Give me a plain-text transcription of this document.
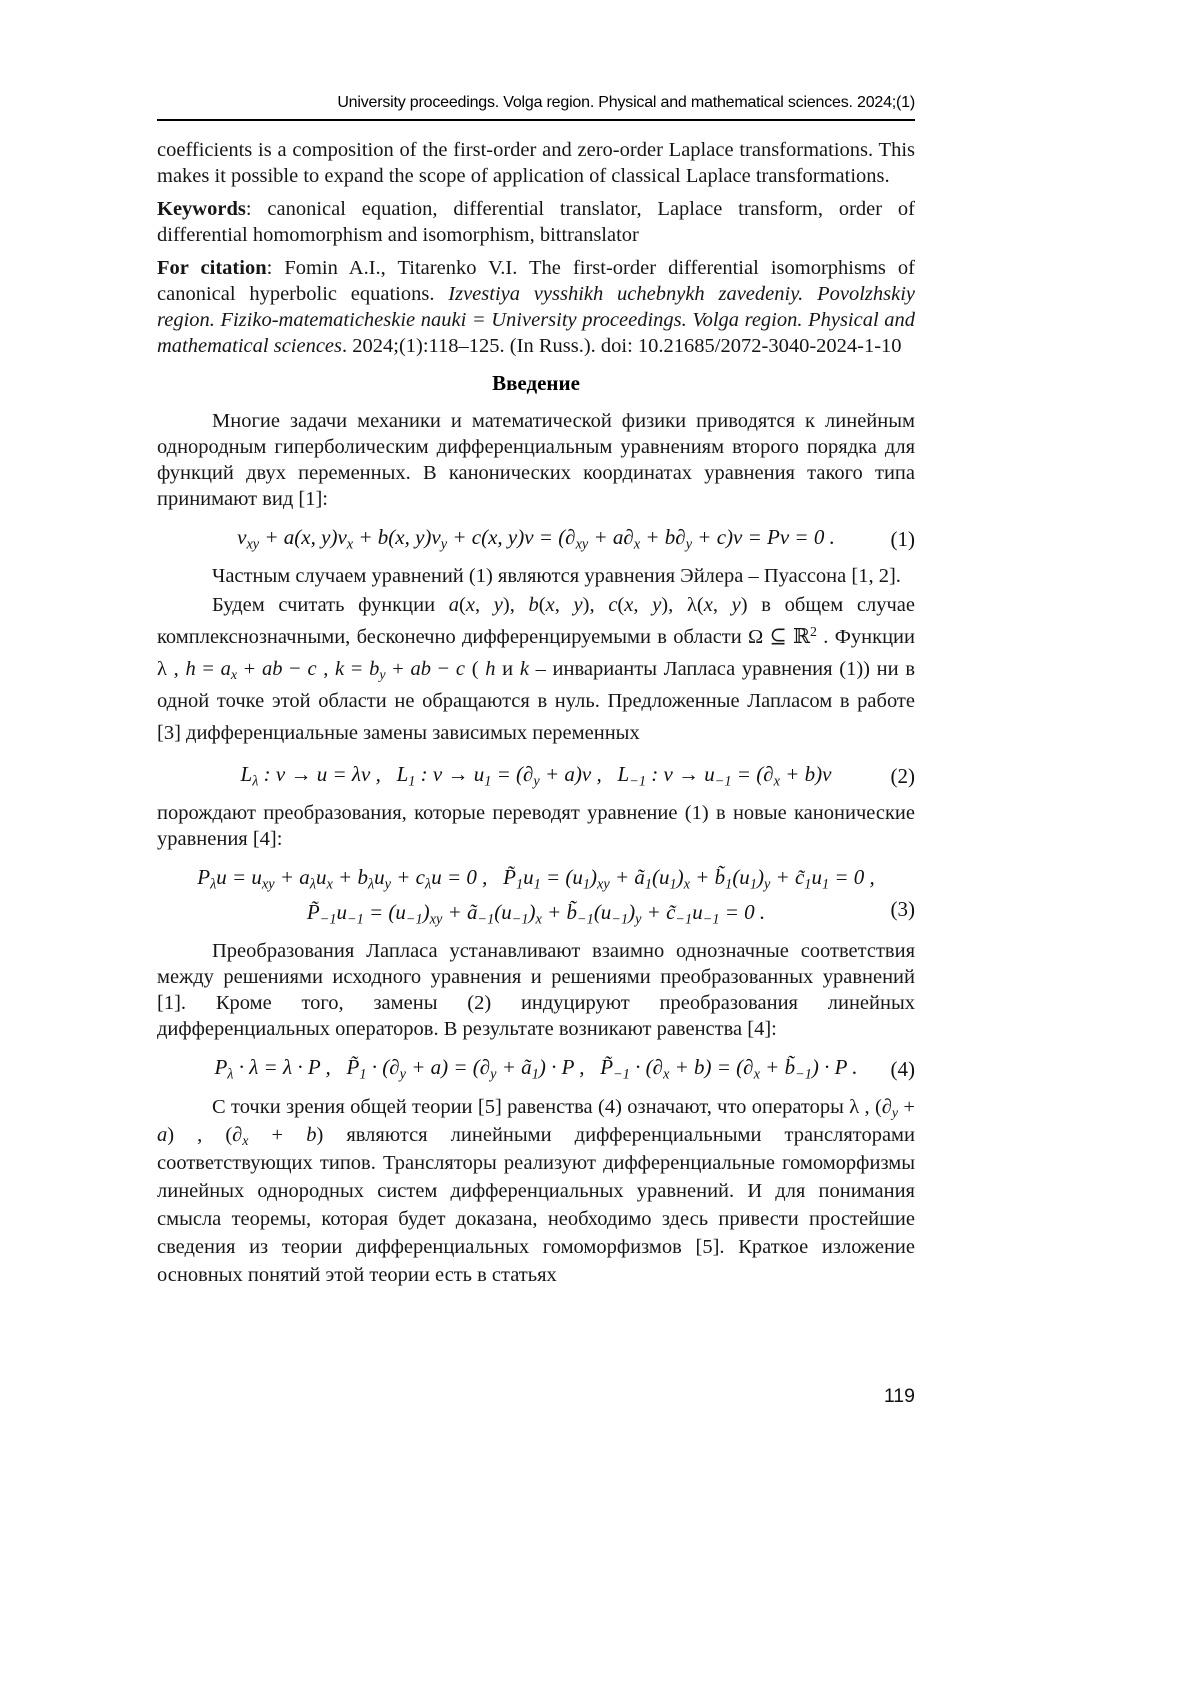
University proceedings. Volga region. Physical and mathematical sciences. 2024;(1)

coefficients is a composition of the first-order and zero-order Laplace transformations. This makes it possible to expand the scope of application of classical Laplace transformations.

Keywords: canonical equation, differential translator, Laplace transform, order of differential homomorphism and isomorphism, bittranslator

For citation: Fomin A.I., Titarenko V.I. The first-order differential isomorphisms of canonical hyperbolic equations. Izvestiya vysshikh uchebnykh zavedeniy. Povolzhskiy region. Fiziko-matematicheskie nauki = University proceedings. Volga region. Physical and mathematical sciences. 2024;(1):118–125. (In Russ.). doi: 10.21685/2072-3040-2024-1-10

Введение

Многие задачи механики и математической физики приводятся к линейным однородным гиперболическим дифференциальным уравнениям второго порядка для функций двух переменных. В канонических координатах уравнения такого типа принимают вид [1]:

$v_{xy} + a(x$, $y)v_x + b(x$, $y)v_y + c(x$, $y)v = (\partial_{xy} + a\partial_x + b\partial_y + c)v = Pv = 0$ .	(1)

Частным случаем уравнений (1) являются уравнения Эйлера – Пуассона [1, 2].

Будем считать функции a(x, y), b(x, y), c(x, y), λ(x, y) в общем случае комплекснозначными, бесконечно дифференцируемыми в области Ω ⊆ ℝ$^2$ . Функции λ , $h = a_x$ + ab − c , $k = b_y$ + ab − c ( h и k – инварианты Лапласа уравнения (1)) ни в одной точке этой области не обращаются в нуль. Предложенные Лапласом в работе [3] дифференциальные замены зависимых переменных

$L_\lambda$ : v → u = λv ,  $L_1$ : $v \to u_1 = (\partial_y + a)v$ ,  $L_{-1}$ : $v \to u_{-1} = (\partial_x + b)v$	(2)

порождают преобразования, которые переводят уравнение (1) в новые канонические уравнения [4]:

$P_\lambda u = u_{xy} + a_\lambda u_x + b_\lambda u_y + c_\lambda u = 0$ ,  $P̃_1u_1 = (u_1)_{xy}$ + $ã_1(u_1)_x$ + $b̃_1(u_1)_y$ + $c̃_1u_1 = 0$ ,
$P̃_{-1}u_{-1} = (u_{-1})_{xy}$ + $ã_{-1}(u_{-1})_x$ + $b̃_{-1}(u_{-1})_y$ + $c̃_{-1}u_{-1} = 0$ .	(3)

Преобразования Лапласа устанавливают взаимно однозначные соответствия между решениями исходного уравнения и решениями преобразованных уравнений [1]. Кроме того, замены (2) индуцируют преобразования линейных дифференциальных операторов. В результате возникают равенства [4]:

$P_\lambda \cdot \lambda = \lambda \cdot P$ ,  $P̃_1 \cdot (\partial_y + a) = (\partial_y$ + $ã_1) \cdot P$ ,  $P̃_{-1} \cdot (\partial_x + b) = (\partial_x$ + $b̃_{-1}) \cdot P$ . (4)

С точки зрения общей теории [5] равенства (4) означают, что операторы λ , $(\partial_y + a)$ , $(\partial_x + b)$ являются линейными дифференциальными трансляторами соответствующих типов. Трансляторы реализуют дифференциальные гомоморфизмы линейных однородных систем дифференциальных уравнений. И для понимания смысла теоремы, которая будет доказана, необходимо здесь привести простейшие сведения из теории дифференциальных гомоморфизмов [5]. Краткое изложение основных понятий этой теории есть в статьях

119
